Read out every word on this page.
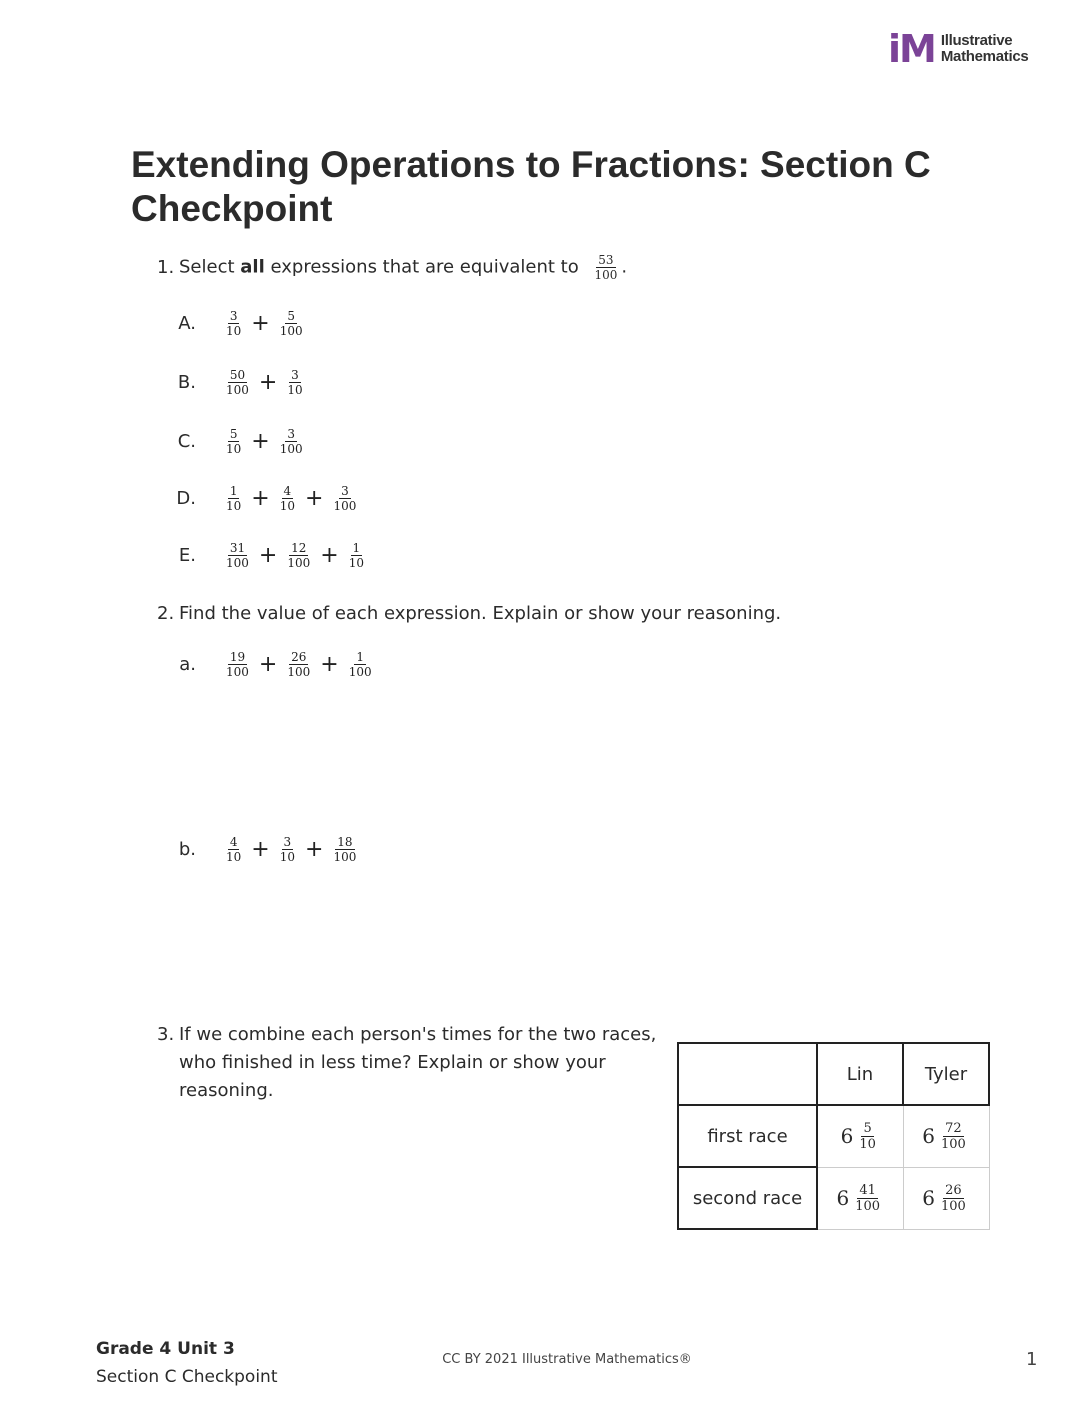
iM Illustrative
Mathematics
Extending Operations to Fractions: Section C Checkpoint
1. Select all expressions that are equivalent to $\frac{53}{100}$ .
A.	$\frac{3}{10} + \frac{5}{100}$
B.	$\frac{50}{100} + \frac{3}{10}$
C.	$\frac{5}{10} + \frac{3}{100}$
D.	$\frac{1}{10} + \frac{4}{10} + \frac{3}{100}$
E.	$\frac{31}{100} + \frac{12}{100} + \frac{1}{10}$
2. Find the value of each expression. Explain or show your reasoning.
a.	$\frac{19}{100} + \frac{26}{100} + \frac{1}{100}$
b.	$\frac{4}{10} + \frac{3}{10} + \frac{18}{100}$
3. If we combine each person's times for the two races,
who finished in less time? Explain or show your
reasoning.
	Lin	Tyler
first race	$6 \frac{5}{10}$	$6 \frac{72}{100}$

second race	$6 \frac{41}{100}$	$6 \frac{26}{100}$
Grade 4 Unit 3
Section C Checkpoint
CC BY 2021 Illustrative Mathematics®	1
